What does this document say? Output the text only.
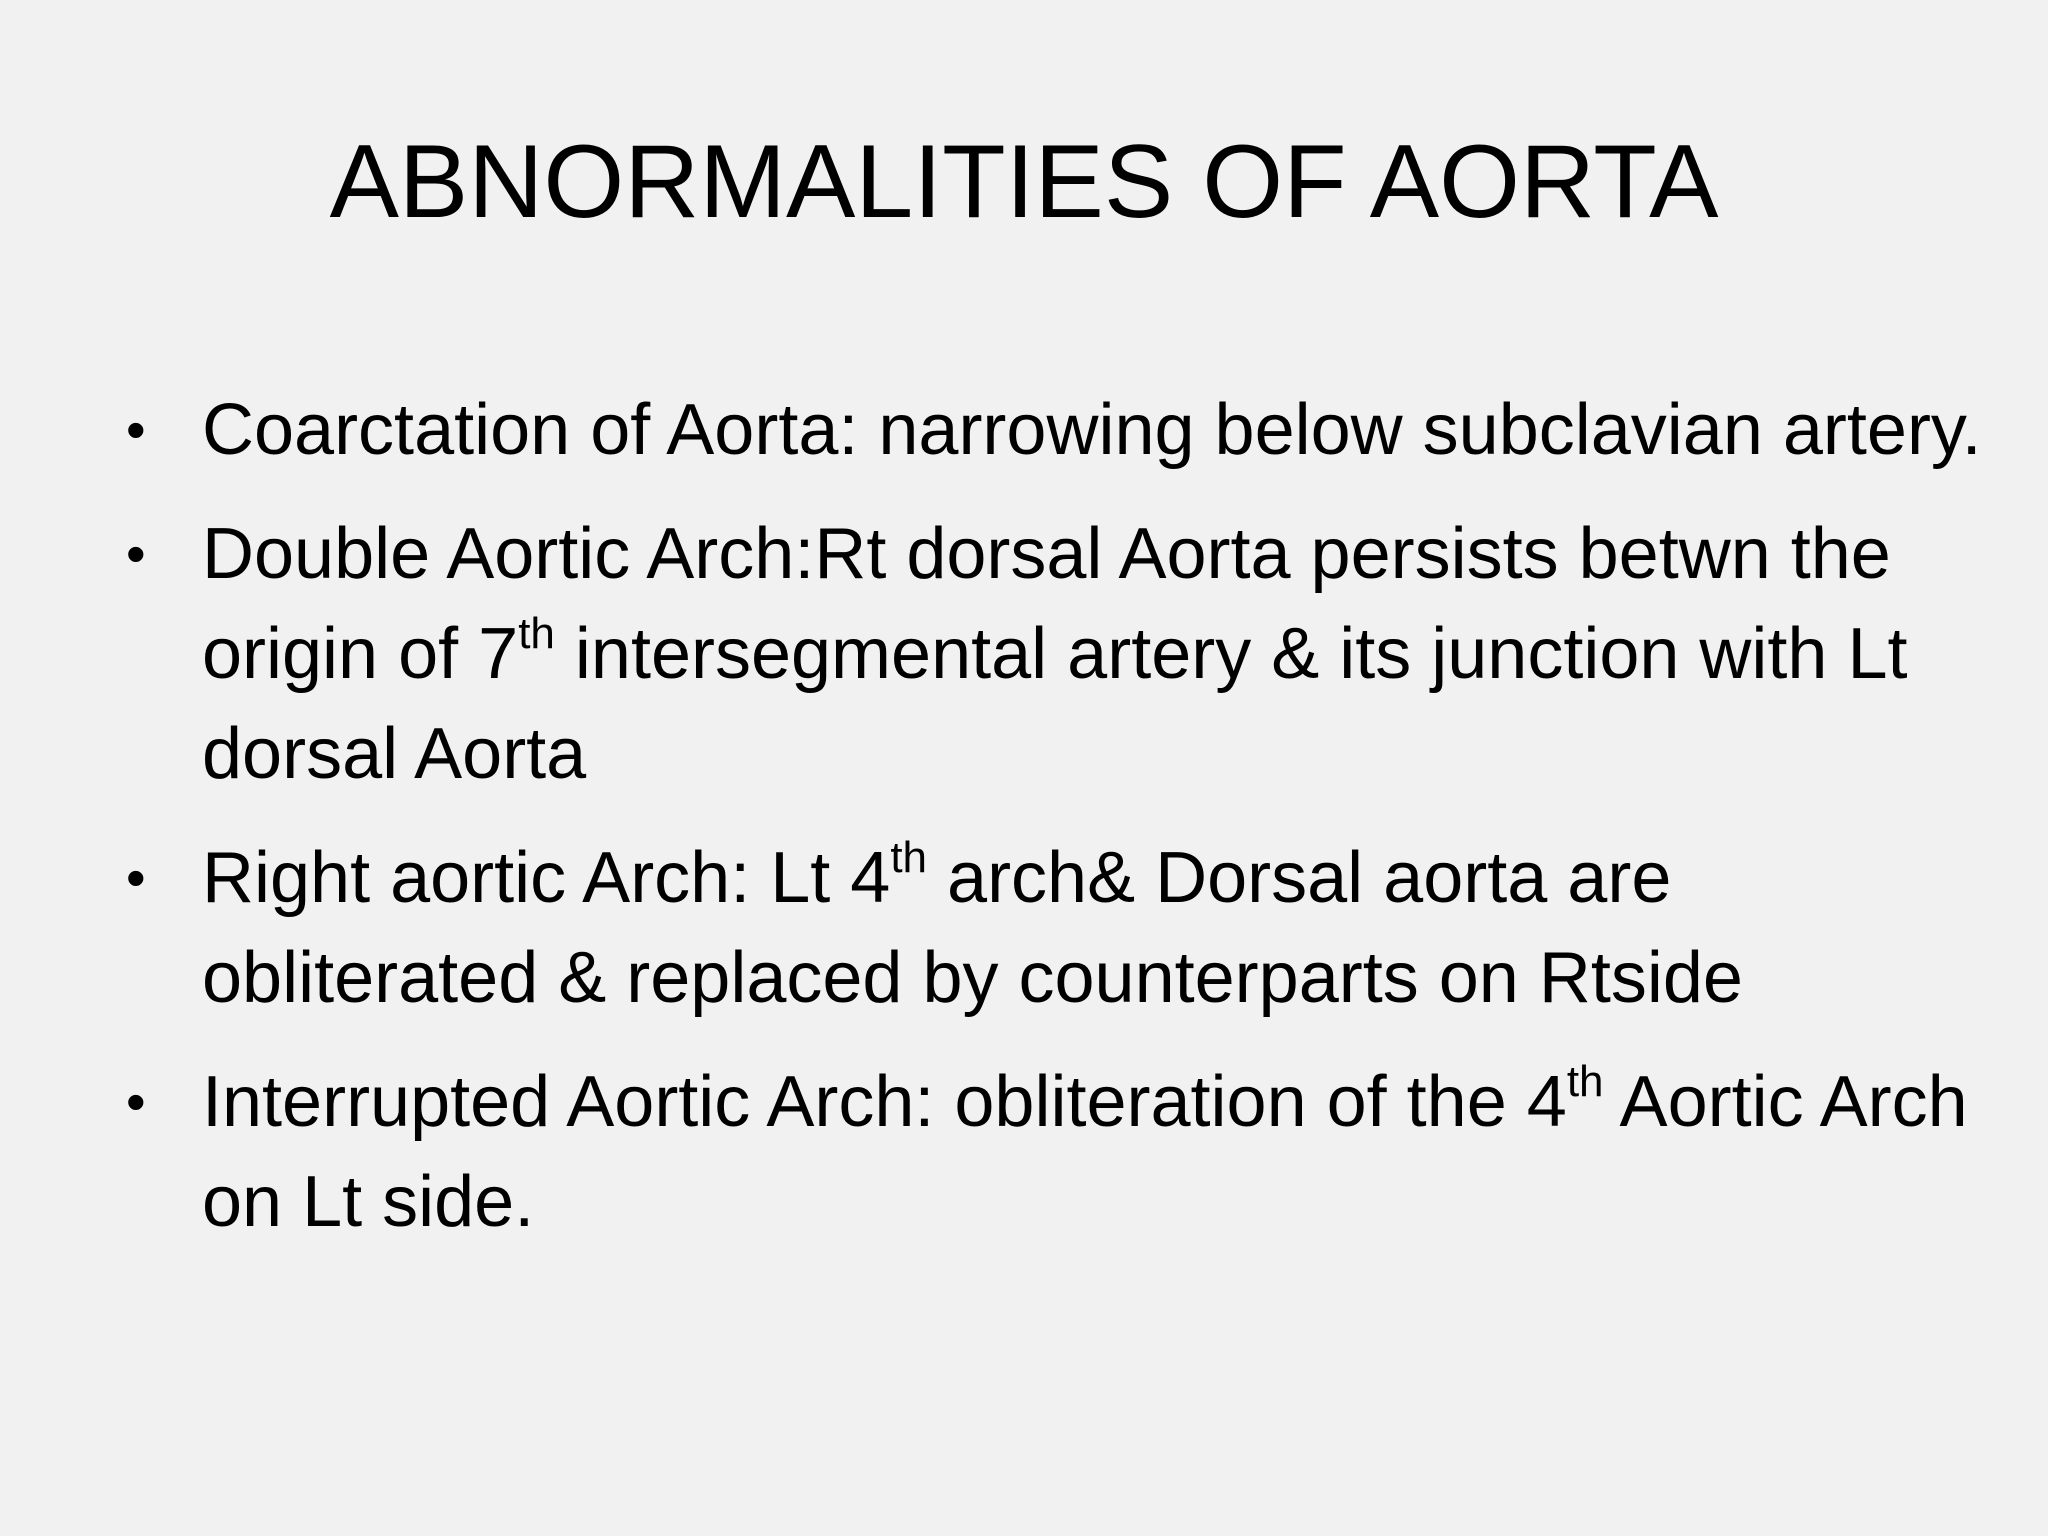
ABNORMALITIES OF AORTA
• Coarctation of Aorta: narrowing below subclavian artery.
• Double Aortic Arch:Rt dorsal Aorta persists betwn the origin of 7th intersegmental artery & its junction with Lt dorsal Aorta
• Right aortic Arch: Lt 4th arch& Dorsal aorta are obliterated & replaced by counterparts on Rtside
• Interrupted Aortic Arch: obliteration of the 4th Aortic Arch on Lt side.
